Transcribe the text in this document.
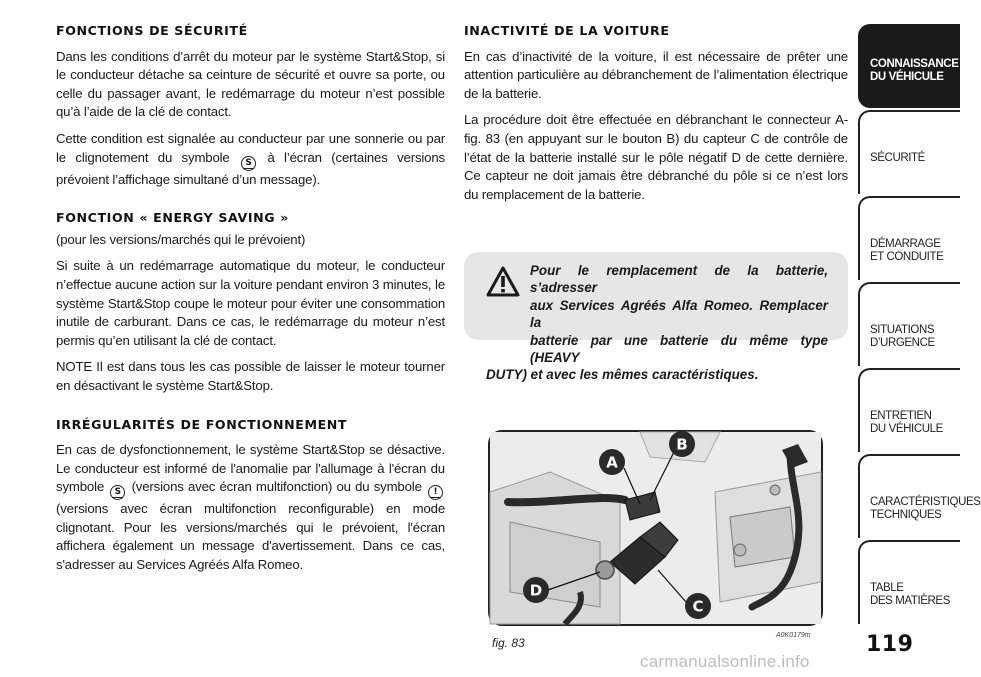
FONCTIONS DE SÉCURITÉ

Dans les conditions d’arrêt du moteur par le système Start&Stop, si le conducteur détache sa ceinture de sécurité et ouvre sa porte, ou celle du passager avant, le redémarrage du moteur n’est possible qu’à l’aide de la clé de contact.

Cette condition est signalée au conducteur par une sonnerie ou par le clignotement du symbole S à l’écran (certaines versions prévoient l’affichage simultané d’un message).

FONCTION « ENERGY SAVING »
(pour les versions/marchés qui le prévoient)

Si suite à un redémarrage automatique du moteur, le conducteur n’effectue aucune action sur la voiture pendant environ 3 minutes, le système Start&Stop coupe le moteur pour éviter une consommation inutile de carburant. Dans ce cas, le redémarrage du moteur n’est permis qu’en utilisant la clé de contact.

NOTE Il est dans tous les cas possible de laisser le moteur tourner en désactivant le système Start&Stop.

IRRÉGULARITÉS DE FONCTIONNEMENT

En cas de dysfonctionnement, le système Start&Stop se désactive. Le conducteur est informé de l'anomalie par l'allumage à l'écran du symbole S (versions avec écran multifonction) ou du symbole ! (versions avec écran multifonction reconfigurable) en mode clignotant. Pour les versions/marchés qui le prévoient, l'écran affichera également un message d'avertissement. Dans ce cas, s'adresser au Services Agréés Alfa Romeo.

INACTIVITÉ DE LA VOITURE

En cas d’inactivité de la voiture, il est nécessaire de prêter une attention particulière au débranchement de l’alimentation électrique de la batterie.

La procédure doit être effectuée en débranchant le connecteur A-fig. 83 (en appuyant sur le bouton B) du capteur C de contrôle de l’état de la batterie installé sur le pôle négatif D de cette dernière. Ce capteur ne doit jamais être débranché du pôle si ce n’est lors du remplacement de la batterie.

Pour le remplacement de la batterie, s’adresser
aux Services Agréés Alfa Romeo. Remplacer la
batterie par une batterie du même type (HEAVY
DUTY) et avec les mêmes caractéristiques.
A
B
C
D
fig. 83
A0K0179m	119
CONNAISSANCE
DU VÉHICULE
SÉCURITÉ
DÉMARRAGE
ET CONDUITE
SITUATIONS
D’URGENCE
ENTRETIEN
DU VÉHICULE
CARACTÉRISTIQUES
TECHNIQUES
TABLE
DES MATIÈRES
carmanualsonline.info
